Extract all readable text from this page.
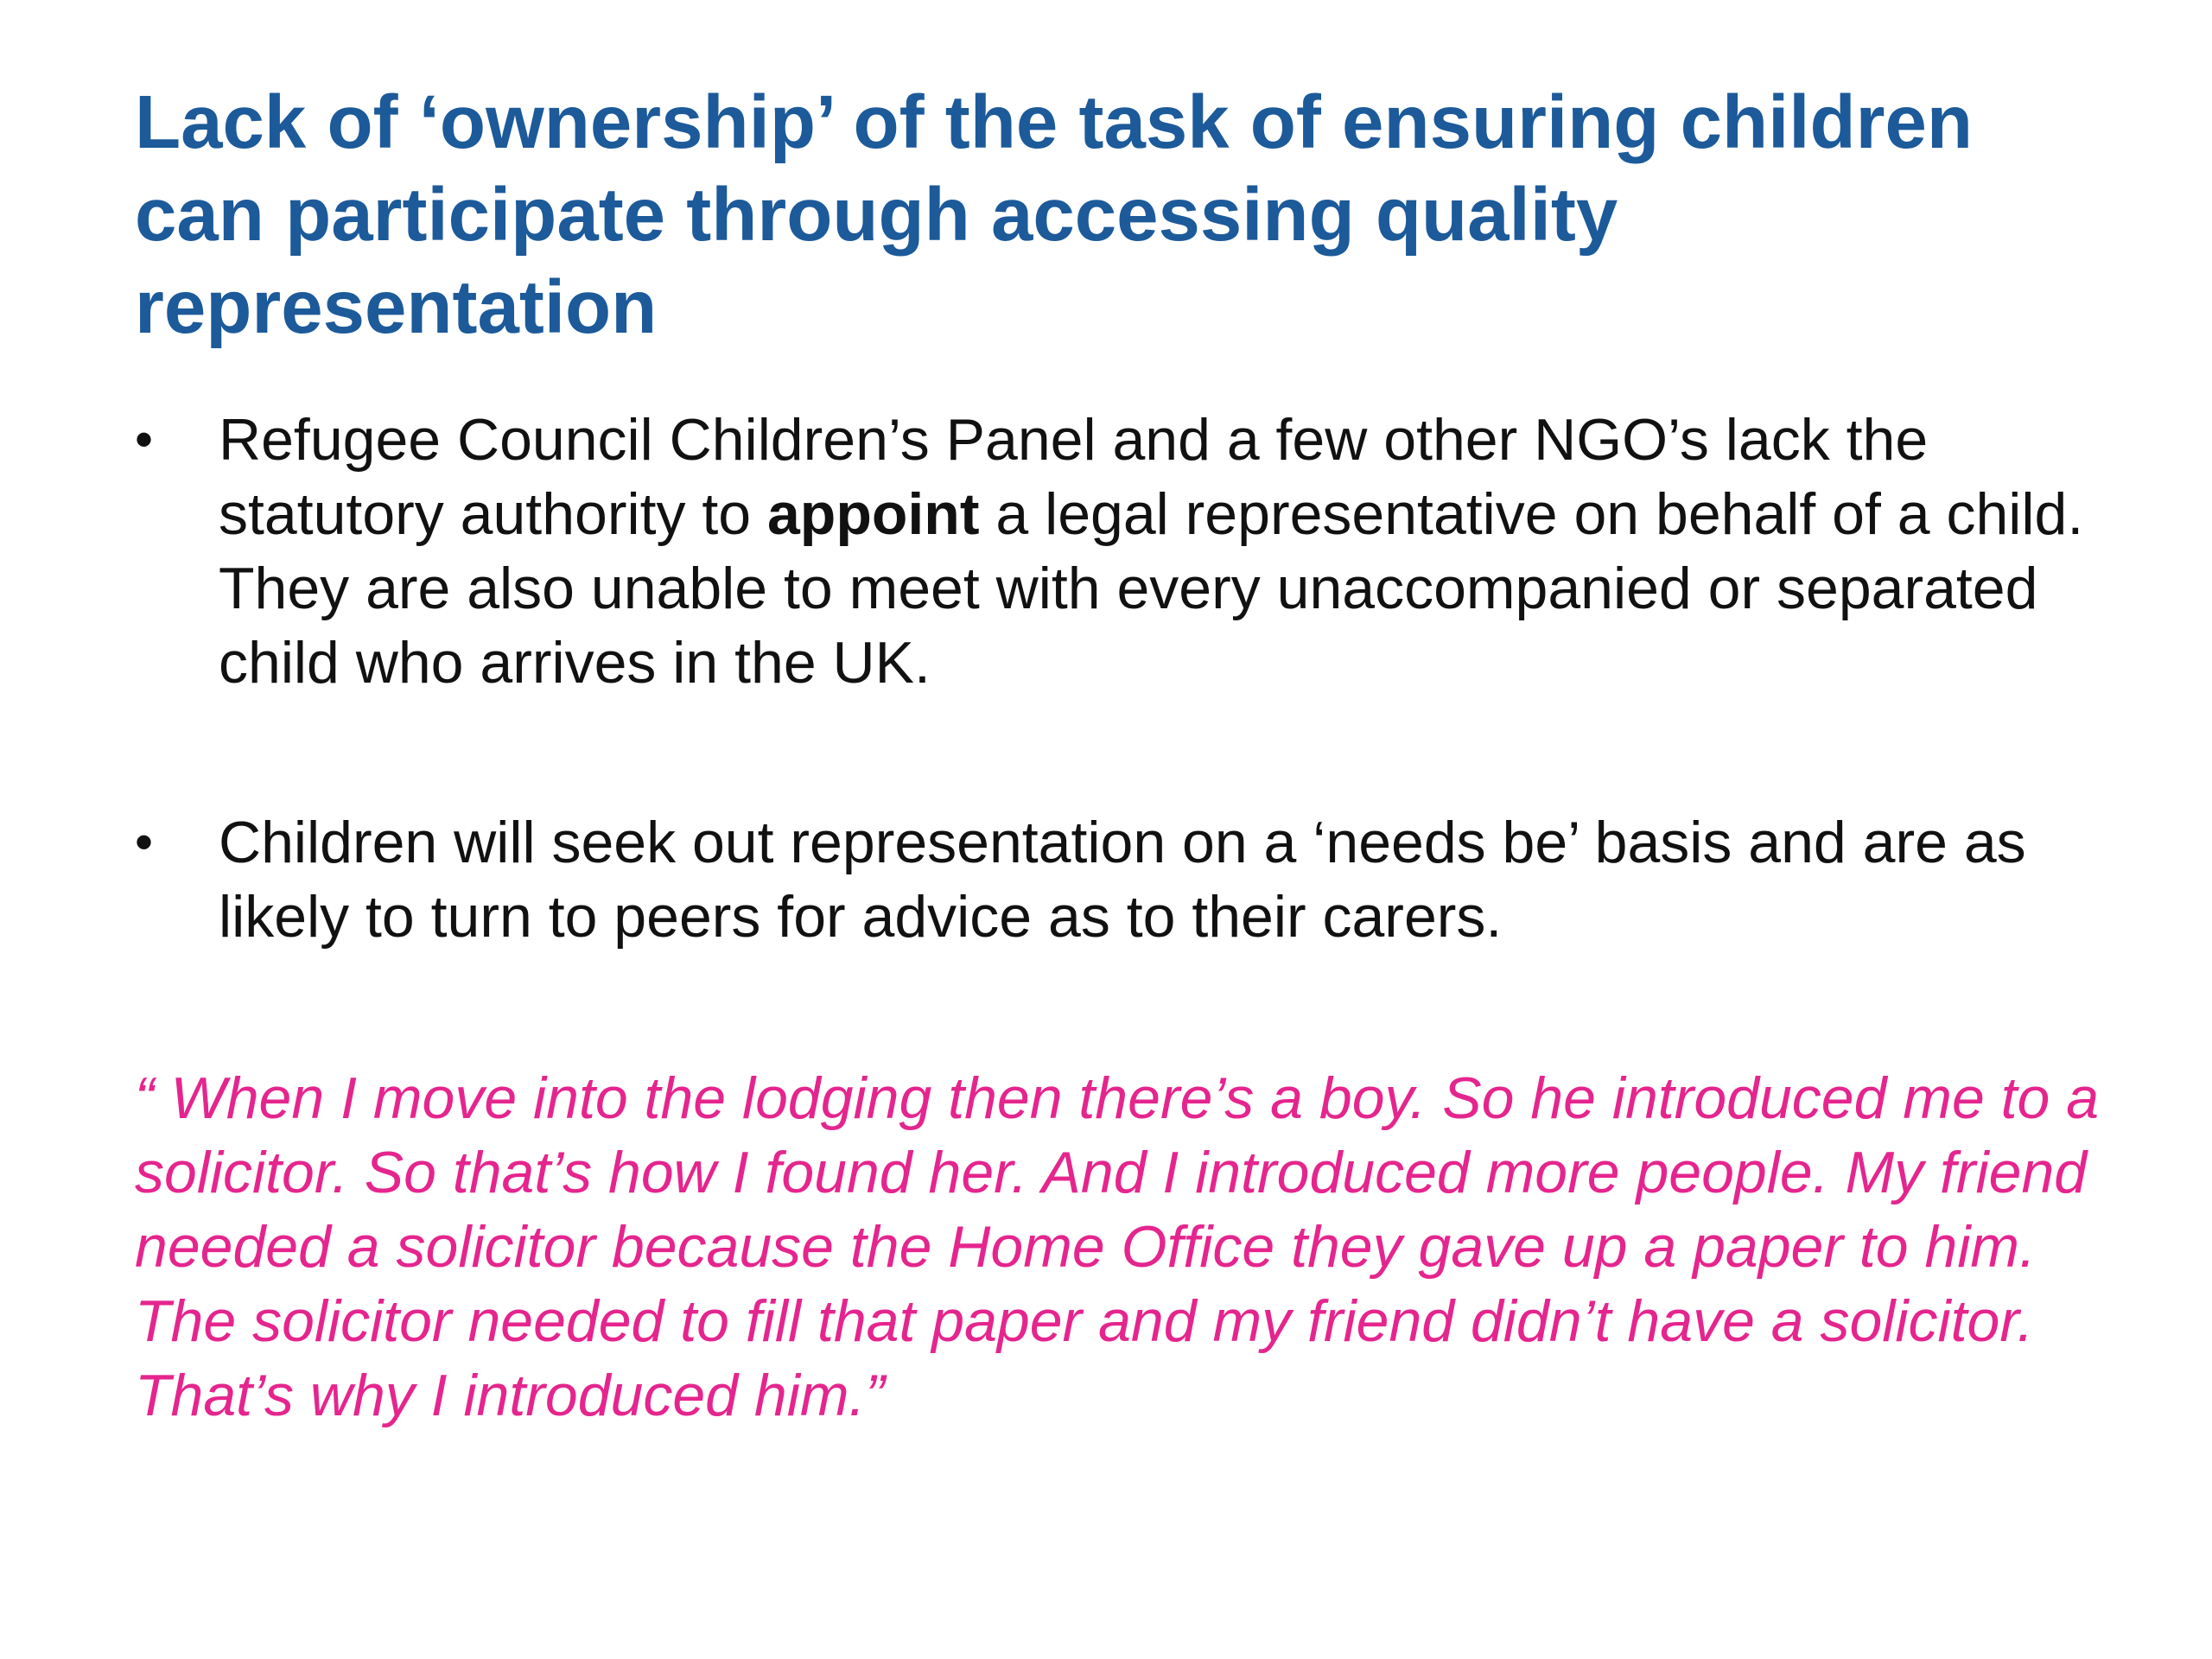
Lack of ‘ownership’ of the task of ensuring children can participate through accessing quality representation
• Refugee Council Children’s Panel and a few other NGO’s lack the statutory authority to appoint a legal representative on behalf of a child. They are also unable to meet with every unaccompanied or separated child who arrives in the UK.
• Children will seek out representation on a ‘needs be’ basis and are as likely to turn to peers for advice as to their carers.

“ When I move into the lodging then there’s a boy. So he introduced me to a solicitor. So that’s how I found her. And I introduced more people. My friend needed a solicitor because the Home Office they gave up a paper to him. The solicitor needed to fill that paper and my friend didn’t have a solicitor. That’s why I introduced him.”
